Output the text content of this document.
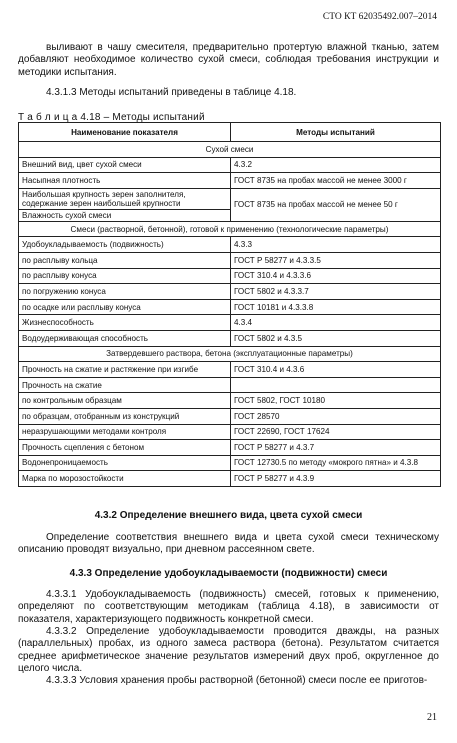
СТО КТ 62035492.007–2014
выливают в чашу смесителя, предварительно протертую влажной тканью, затем добавляют необходимое количество сухой смеси, соблюдая требования инструкции и методики испытания.
4.3.1.3 Методы испытаний приведены в таблице 4.18.
Т а б л и ц а 4.18 – Методы испытаний
Наименование показателя	Методы испытаний
Сухой смеси	
Внешний вид, цвет сухой смеси	4.3.2
Насыпная плотность	ГОСТ 8735 на пробах массой не менее 3000 г
Наибольшая крупность зерен заполнителя, содержание зерен наибольшей крупности	ГОСТ 8735 на пробах массой не менее 50 г
Влажность сухой смеси	
Смеси (растворной, бетонной), готовой к применению (технологические параметры)	
Удобоукладываемость (подвижность)	4.3.3
по расплыву кольца	ГОСТ Р 58277 и 4.3.3.5
по расплыву конуса	ГОСТ 310.4 и 4.3.3.6
по погружению конуса	ГОСТ 5802 и 4.3.3.7
по осадке или расплыву конуса	ГОСТ 10181 и 4.3.3.8
Жизнеспособность	4.3.4
Водоудерживающая способность	ГОСТ 5802 и 4.3.5
Затвердевшего раствора, бетона (эксплуатационные параметры)	
Прочность на сжатие и растяжение при изгибе	ГОСТ 310.4 и 4.3.6
Прочность на сжатие	
по контрольным образцам	ГОСТ 5802, ГОСТ 10180
по образцам, отобранным из конструкций	ГОСТ 28570
неразрушающими методами контроля	ГОСТ 22690, ГОСТ 17624
Прочность сцепления с бетоном	ГОСТ Р 58277 и 4.3.7
Водонепроницаемость	ГОСТ 12730.5 по методу «мокрого пятна» и 4.3.8
Марка по морозостойкости	ГОСТ Р 58277 и 4.3.9
4.3.2 Определение внешнего вида, цвета сухой смеси
Определение соответствия внешнего вида и цвета сухой смеси техническому описанию проводят визуально, при дневном рассеянном свете.
4.3.3 Определение удобоукладываемости (подвижности) смеси
4.3.3.1 Удобоукладываемость (подвижность) смесей, готовых к применению, определяют по соответствующим методикам (таблица 4.18), в зависимости от показателя, характеризующего подвижность конкретной смеси.
4.3.3.2 Определение удобоукладываемости проводится дважды, на разных (параллельных) пробах, из одного замеса раствора (бетона). Результатом считается среднее арифметическое значение результатов измерений двух проб, округленное до целого числа.
4.3.3.3 Условия хранения пробы растворной (бетонной) смеси после ее приготов-
21
